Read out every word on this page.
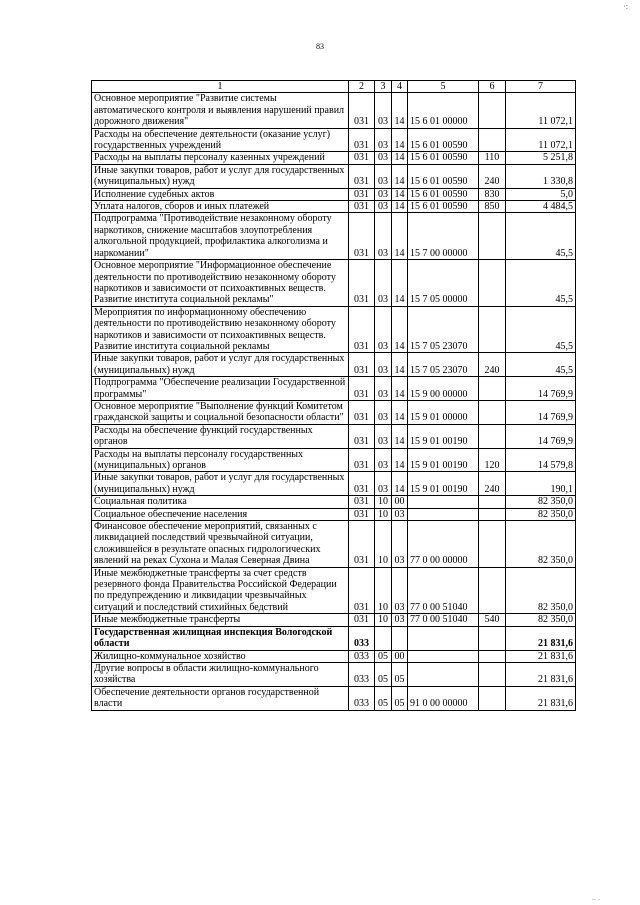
·:
83
1	2	3	4	5	6	7
Основное мероприятие "Развитие системы автоматического контроля и выявления нарушений правил дорожного движения"	031	03	14	15 6 01 00000		11 072,1
Расходы на обеспечение деятельности (оказание услуг) государственных учреждений	031	03	14	15 6 01 00590		11 072,1
Расходы на выплаты персоналу казенных учреждений	031	03	14	15 6 01 00590	110	5 251,8
Иные закупки товаров, работ и услуг для государственных (муниципальных) нужд	031	03	14	15 6 01 00590	240	1 330,8
Исполнение судебных актов	031	03	14	15 6 01 00590	830	5,0
Уплата налогов, сборов и иных платежей	031	03	14	15 6 01 00590	850	4 484,5
Подпрограмма "Противодействие незаконному обороту наркотиков, снижение масштабов злоупотребления алкогольной продукцией, профилактика алкоголизма и наркомании"	031	03	14	15 7 00 00000		45,5
Основное мероприятие "Информационное обеспечение деятельности по противодействию незаконному обороту наркотиков и зависимости от психоактивных веществ. Развитие института социальной рекламы"	031	03	14	15 7 05 00000		45,5
Мероприятия по информационному обеспечению деятельности по противодействию незаконному обороту наркотиков и зависимости от психоактивных веществ. Развитие института социальной рекламы	031	03	14	15 7 05 23070		45,5
Иные закупки товаров, работ и услуг для государственных (муниципальных) нужд	031	03	14	15 7 05 23070	240	45,5
Подпрограмма "Обеспечение реализации Государственной программы"	031	03	14	15 9 00 00000		14 769,9
Основное мероприятие "Выполнение функций Комитетом гражданской защиты и социальной безопасности области"	031	03	14	15 9 01 00000		14 769,9
Расходы на обеспечение функций государственных органов	031	03	14	15 9 01 00190		14 769,9
Расходы на выплаты персоналу государственных (муниципальных) органов	031	03	14	15 9 01 00190	120	14 579,8
Иные закупки товаров, работ и услуг для государственных (муниципальных) нужд	031	03	14	15 9 01 00190	240	190,1
Социальная политика	031	10	00			82 350,0
Социальное обеспечение населения	031	10	03			82 350,0
Финансовое обеспечение мероприятий, связанных с ликвидацией последствий чрезвычайной ситуации, сложившейся в результате опасных гидрологических явлений на реках Сухона и Малая Северная Двина	031	10	03	77 0 00 00000		82 350,0
Иные межбюджетные трансферты за счет средств резервного фонда Правительства Российской Федерации по предупреждению и ликвидации чрезвычайных ситуаций и последствий стихийных бедствий	031	10	03	77 0 00 51040		82 350,0
Иные межбюджетные трансферты	031	10	03	77 0 00 51040	540	82 350,0
Государственная жилищная инспекция Вологодской области	033					21 831,6
Жилищно-коммунальное хозяйство	033	05	00			21 831,6
Другие вопросы в области жилищно-коммунального хозяйства	033	05	05			21 831,6
Обеспечение деятельности органов государственной власти	033	05	05	91 0 00 00000		21 831,6
.. .
